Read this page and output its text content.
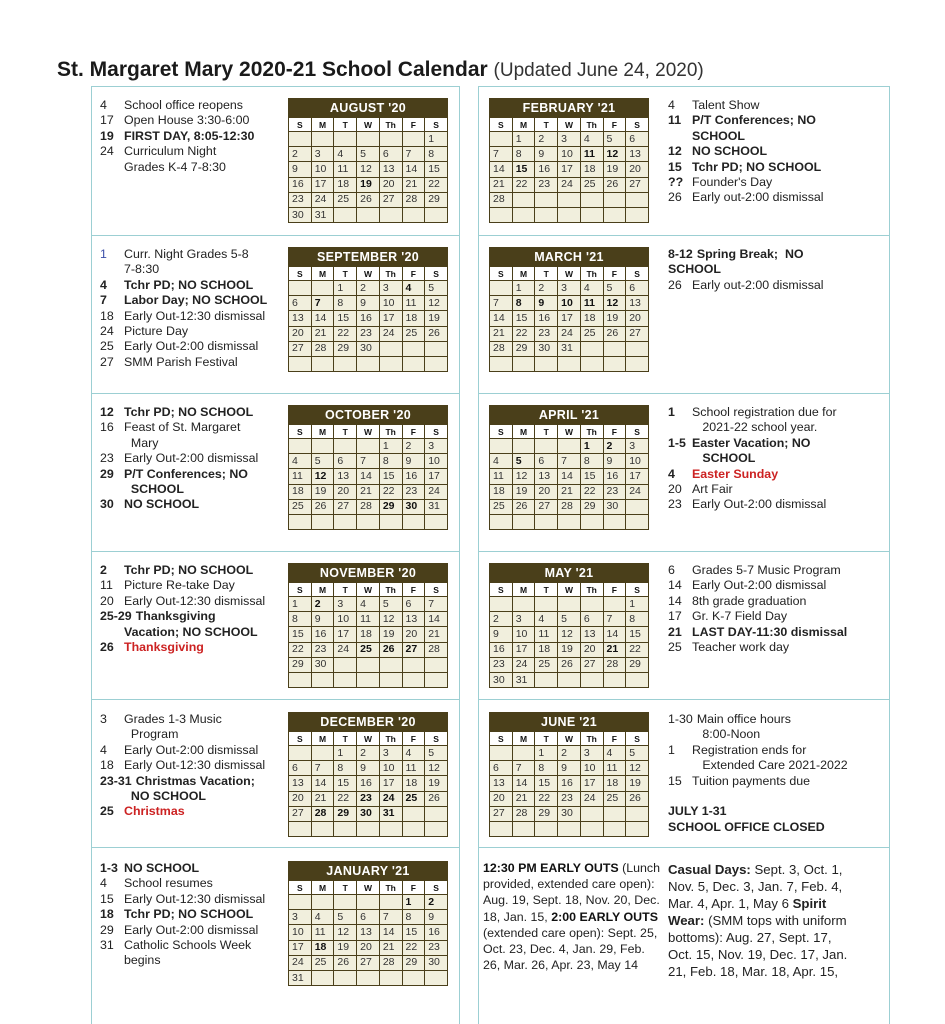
St. Margaret Mary 2020-21 School Calendar (Updated June 24, 2020)
4	School office reopens
17 Open House 3:30-6:00
19 FIRST DAY, 8:05-12:30
24 Curriculum Night
Grades K-4 7-8:30
1	Curr. Night Grades 5-8
7-8:30
4	Tchr PD; NO SCHOOL
7	Labor Day; NO SCHOOL
18 Early Out-12:30 dismissal
24 Picture Day
25 Early Out-2:00 dismissal
27 SMM Parish Festival
12 Tchr PD; NO SCHOOL
16 Feast of St. Margaret
Mary
23 Early Out-2:00 dismissal
29 P/T Conferences; NO
SCHOOL
30 NO SCHOOL
2	Tchr PD; NO SCHOOL
11 Picture Re-take Day
20 Early Out-12:30 dismissal
25-29 Thanksgiving
Vacation; NO SCHOOL
26 Thanksgiving
3	Grades 1-3 Music
Program
4	Early Out-2:00 dismissal
18 Early Out-12:30 dismissal
23-31 Christmas Vacation;
NO SCHOOL
25 Christmas
1-3 NO SCHOOL
4	School resumes
15 Early Out-12:30 dismissal
18 Tchr PD; NO SCHOOL
29 Early Out-2:00 dismissal
31 Catholic Schools Week
begins
4	Talent Show
11 P/T Conferences; NO
SCHOOL
12 NO SCHOOL
15 Tchr PD; NO SCHOOL
?? Founder's Day
26 Early out-2:00 dismissal
8-12 Spring Break;  NO
SCHOOL
26 Early out-2:00 dismissal
1	School registration due for
2021-22 school year.
1-5 Easter Vacation; NO
SCHOOL
4	Easter Sunday
20 Art Fair
23 Early Out-2:00 dismissal
6	Grades 5-7 Music Program
14 Early Out-2:00 dismissal
14 8th grade graduation
17 Gr. K-7 Field Day
21 LAST DAY-11:30 dismissal
25 Teacher work day
1-30 Main office hours
8:00-Noon
1	Registration ends for
Extended Care 2021-2022
15 Tuition payments due

JULY 1-31
SCHOOL OFFICE CLOSED
AUGUST '20						
S	M	T	W	Th	F	S
						1
2	3	4	5	6	7	8
9	10	11	12	13	14	15
16	17	18	19	20	21	22
23	24	25	26	27	28	29
30	31					
SEPTEMBER '20						
S	M	T	W	Th	F	S
		1	2	3	4	5
6	7	8	9	10	11	12
13	14	15	16	17	18	19
20	21	22	23	24	25	26
27	28	29	30			

OCTOBER '20						
S	M	T	W	Th	F	S
				1	2	3
4	5	6	7	8	9	10
11	12	13	14	15	16	17
18	19	20	21	22	23	24
25	26	27	28	29	30	31

NOVEMBER '20						
S	M	T	W	Th	F	S
1	2	3	4	5	6	7
8	9	10	11	12	13	14
15	16	17	18	19	20	21
22	23	24	25	26	27	28
29	30					

DECEMBER '20						
S	M	T	W	Th	F	S
		1	2	3	4	5
6	7	8	9	10	11	12
13	14	15	16	17	18	19
20	21	22	23	24	25	26
27	28	29	30	31		

JANUARY '21						
S	M	T	W	Th	F	S
					1	2
3	4	5	6	7	8	9
10	11	12	13	14	15	16
17	18	19	20	21	22	23
24	25	26	27	28	29	30
31						
FEBRUARY '21						
S	M	T	W	Th	F	S
	1	2	3	4	5	6
7	8	9	10	11	12	13
14	15	16	17	18	19	20
21	22	23	24	25	26	27
28						

MARCH '21						
S	M	T	W	Th	F	S
	1	2	3	4	5	6
7	8	9	10	11	12	13
14	15	16	17	18	19	20
21	22	23	24	25	26	27
28	29	30	31			

APRIL '21						
S	M	T	W	Th	F	S
				1	2	3
4	5	6	7	8	9	10
11	12	13	14	15	16	17
18	19	20	21	22	23	24
25	26	27	28	29	30	

MAY '21						
S	M	T	W	Th	F	S
						1
2	3	4	5	6	7	8
9	10	11	12	13	14	15
16	17	18	19	20	21	22
23	24	25	26	27	28	29
30	31					
JUNE '21						
S	M	T	W	Th	F	S
		1	2	3	4	5
6	7	8	9	10	11	12
13	14	15	16	17	18	19
20	21	22	23	24	25	26
27	28	29	30			

12:30 PM EARLY OUTS (Lunch provided, extended care open): Aug. 19, Sept. 18, Nov. 20, Dec. 18, Jan. 15, 2:00 EARLY OUTS (extended care open): Sept. 25, Oct. 23, Dec. 4, Jan. 29, Feb. 26, Mar. 26, Apr. 23, May 14
Casual Days: Sept. 3, Oct. 1, Nov. 5, Dec. 3, Jan. 7, Feb. 4, Mar. 4, Apr. 1, May 6 Spirit Wear: (SMM tops with uniform bottoms): Aug. 27, Sept. 17, Oct. 15, Nov. 19, Dec. 17, Jan. 21, Feb. 18, Mar. 18, Apr. 15,
